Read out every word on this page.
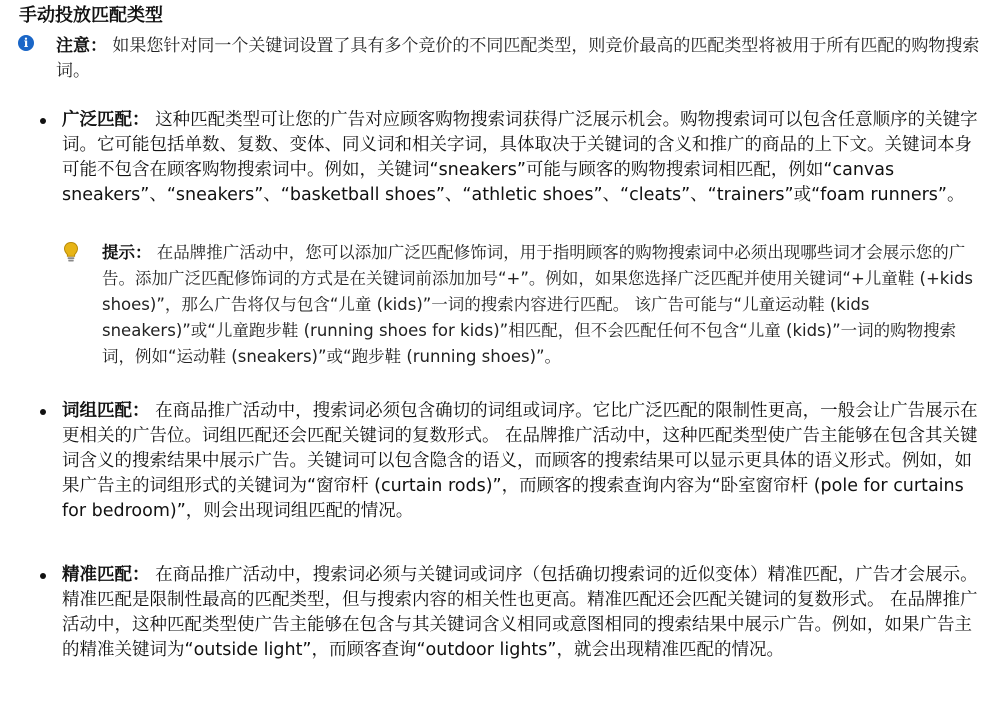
手动投放匹配类型
i	注意： 如果您针对同一个关键词设置了具有多个竞价的不同匹配类型，则竞价最高的匹配类型将被用于所有匹配的购物搜索词。
广泛匹配： 这种匹配类型可让您的广告对应顾客购物搜索词获得广泛展示机会。购物搜索词可以包含任意顺序的关键字词。它可能包括单数、复数、变体、同义词和相关字词，具体取决于关键词的含义和推广的商品的上下文。关键词本身可能不包含在顾客购物搜索词中。例如，关键词“sneakers”可能与顾客的购物搜索词相匹配，例如“canvas sneakers”、“sneakers”、“basketball shoes”、“athletic shoes”、“cleats”、“trainers”或“foam runners”。
提示： 在品牌推广活动中，您可以添加广泛匹配修饰词，用于指明顾客的购物搜索词中必须出现哪些词才会展示您的广告。添加广泛匹配修饰词的方式是在关键词前添加加号“+”。例如，如果您选择广泛匹配并使用关键词“+儿童鞋 (+kids shoes)”，那么广告将仅与包含“儿童 (kids)”一词的搜索内容进行匹配。 该广告可能与“儿童运动鞋 (kids sneakers)”或“儿童跑步鞋 (running shoes for kids)”相匹配，但不会匹配任何不包含“儿童 (kids)”一词的购物搜索词，例如“运动鞋 (sneakers)”或“跑步鞋 (running shoes)”。
词组匹配： 在商品推广活动中，搜索词必须包含确切的词组或词序。它比广泛匹配的限制性更高，一般会让广告展示在更相关的广告位。词组匹配还会匹配关键词的复数形式。 在品牌推广活动中，这种匹配类型使广告主能够在包含其关键词含义的搜索结果中展示广告。关键词可以包含隐含的语义，而顾客的搜索结果可以显示更具体的语义形式。例如，如果广告主的词组形式的关键词为“窗帘杆 (curtain rods)”，而顾客的搜索查询内容为“卧室窗帘杆 (pole for curtains for bedroom)”，则会出现词组匹配的情况。
精准匹配： 在商品推广活动中，搜索词必须与关键词或词序（包括确切搜索词的近似变体）精准匹配，广告才会展示。精准匹配是限制性最高的匹配类型，但与搜索内容的相关性也更高。精准匹配还会匹配关键词的复数形式。 在品牌推广活动中，这种匹配类型使广告主能够在包含与其关键词含义相同或意图相同的搜索结果中展示广告。例如，如果广告主的精准关键词为“outside light”，而顾客查询“outdoor lights”，就会出现精准匹配的情况。
